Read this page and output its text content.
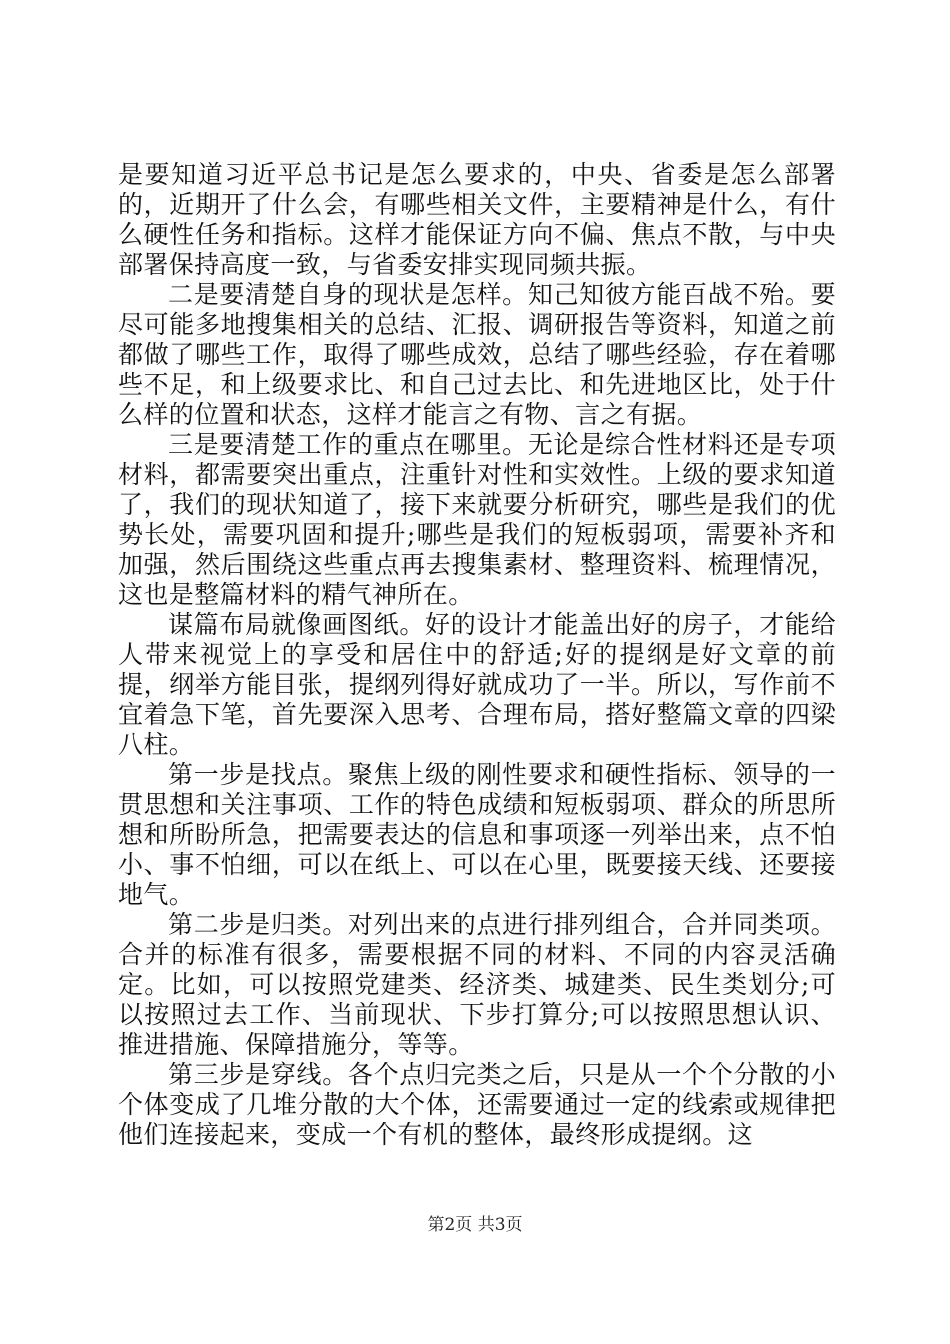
是要知道习近平总书记是怎么要求的，中央、省委是怎么部署的，近期开了什么会，有哪些相关文件，主要精神是什么，有什么硬性任务和指标。这样才能保证方向不偏、焦点不散，与中央部署保持高度一致，与省委安排实现同频共振。

二是要清楚自身的现状是怎样。知己知彼方能百战不殆。要尽可能多地搜集相关的总结、汇报、调研报告等资料，知道之前都做了哪些工作，取得了哪些成效，总结了哪些经验，存在着哪些不足，和上级要求比、和自己过去比、和先进地区比，处于什么样的位置和状态，这样才能言之有物、言之有据。

三是要清楚工作的重点在哪里。无论是综合性材料还是专项材料，都需要突出重点，注重针对性和实效性。上级的要求知道了，我们的现状知道了，接下来就要分析研究，哪些是我们的优势长处，需要巩固和提升;哪些是我们的短板弱项，需要补齐和加强，然后围绕这些重点再去搜集素材、整理资料、梳理情况，这也是整篇材料的精气神所在。

谋篇布局就像画图纸。好的设计才能盖出好的房子，才能给人带来视觉上的享受和居住中的舒适;好的提纲是好文章的前提，纲举方能目张，提纲列得好就成功了一半。所以，写作前不宜着急下笔，首先要深入思考、合理布局，搭好整篇文章的四梁八柱。

第一步是找点。聚焦上级的刚性要求和硬性指标、领导的一贯思想和关注事项、工作的特色成绩和短板弱项、群众的所思所想和所盼所急，把需要表达的信息和事项逐一列举出来，点不怕小、事不怕细，可以在纸上、可以在心里，既要接天线、还要接地气。

第二步是归类。对列出来的点进行排列组合，合并同类项。合并的标准有很多，需要根据不同的材料、不同的内容灵活确定。比如，可以按照党建类、经济类、城建类、民生类划分;可以按照过去工作、当前现状、下步打算分;可以按照思想认识、推进措施、保障措施分，等等。

第三步是穿线。各个点归完类之后，只是从一个个分散的小个体变成了几堆分散的大个体，还需要通过一定的线索或规律把他们连接起来，变成一个有机的整体，最终形成提纲。这

第2页 共3页
